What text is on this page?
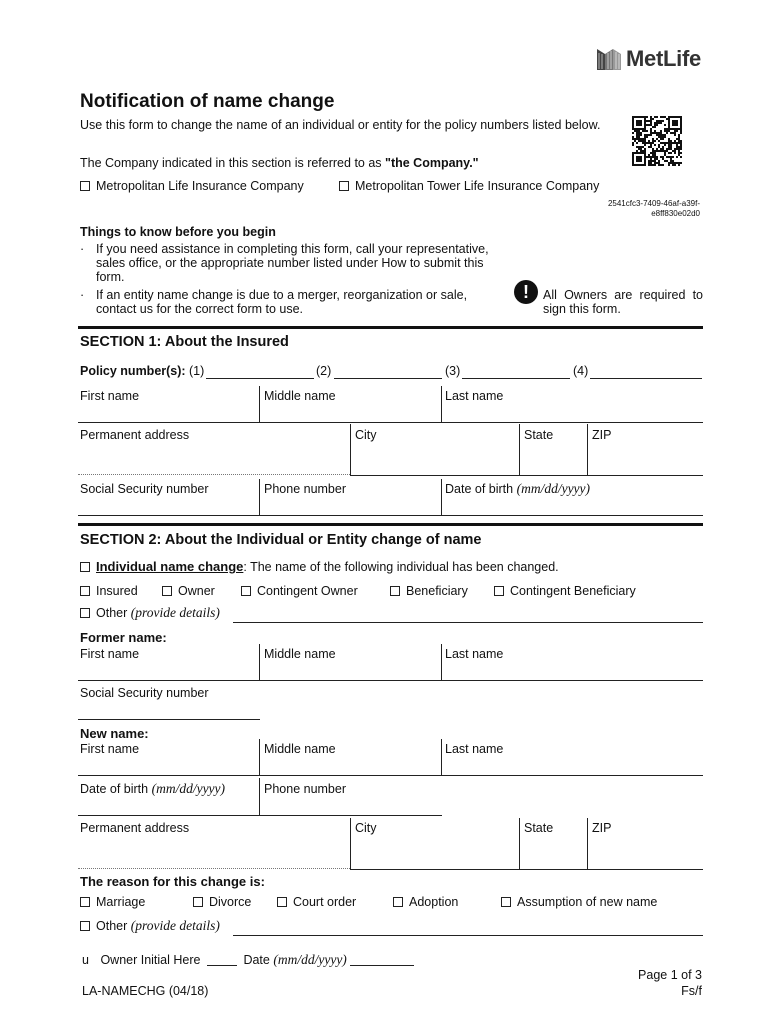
MetLife
Notification of name change
Use this form to change the name of an individual or entity for the policy numbers listed below.
2541cfc3-7409-46af-a39f-
e8ff830e02d0
The Company indicated in this section is referred to as "the Company."
Metropolitan Life Insurance Company	Metropolitan Tower Life Insurance Company
Things to know before you begin
· If you need assistance in completing this form, call your representative,
sales office, or the appropriate number listed under How to submit this
form.
· If an entity name change is due to a merger, reorganization or sale,
contact us for the correct form to use.
!	All Owners are required to
sign this form.
SECTION 1: About the Insured
Policy number(s): (1)	(2)	(3)	(4)
First name	Middle name	Last name
Permanent address	City	State	ZIP
Social Security number	Phone number	Date of birth (mm/dd/yyyy)
SECTION 2: About the Individual or Entity change of name
Individual name change: The name of the following individual has been changed.
Insured	Owner	Contingent Owner	Beneficiary	Contingent Beneficiary
Other (provide details)
Former name:
First name	Middle name	Last name
Social Security number
New name:
First name	Middle name	Last name
Date of birth (mm/dd/yyyy)	Phone number
Permanent address	City	State	ZIP
The reason for this change is:
Marriage	Divorce	Court order	Adoption	Assumption of new name
Other (provide details)
u Owner Initial Here	Date (mm/dd/yyyy)
Page 1 of 3
LA-NAMECHG (04/18)	Fs/f
